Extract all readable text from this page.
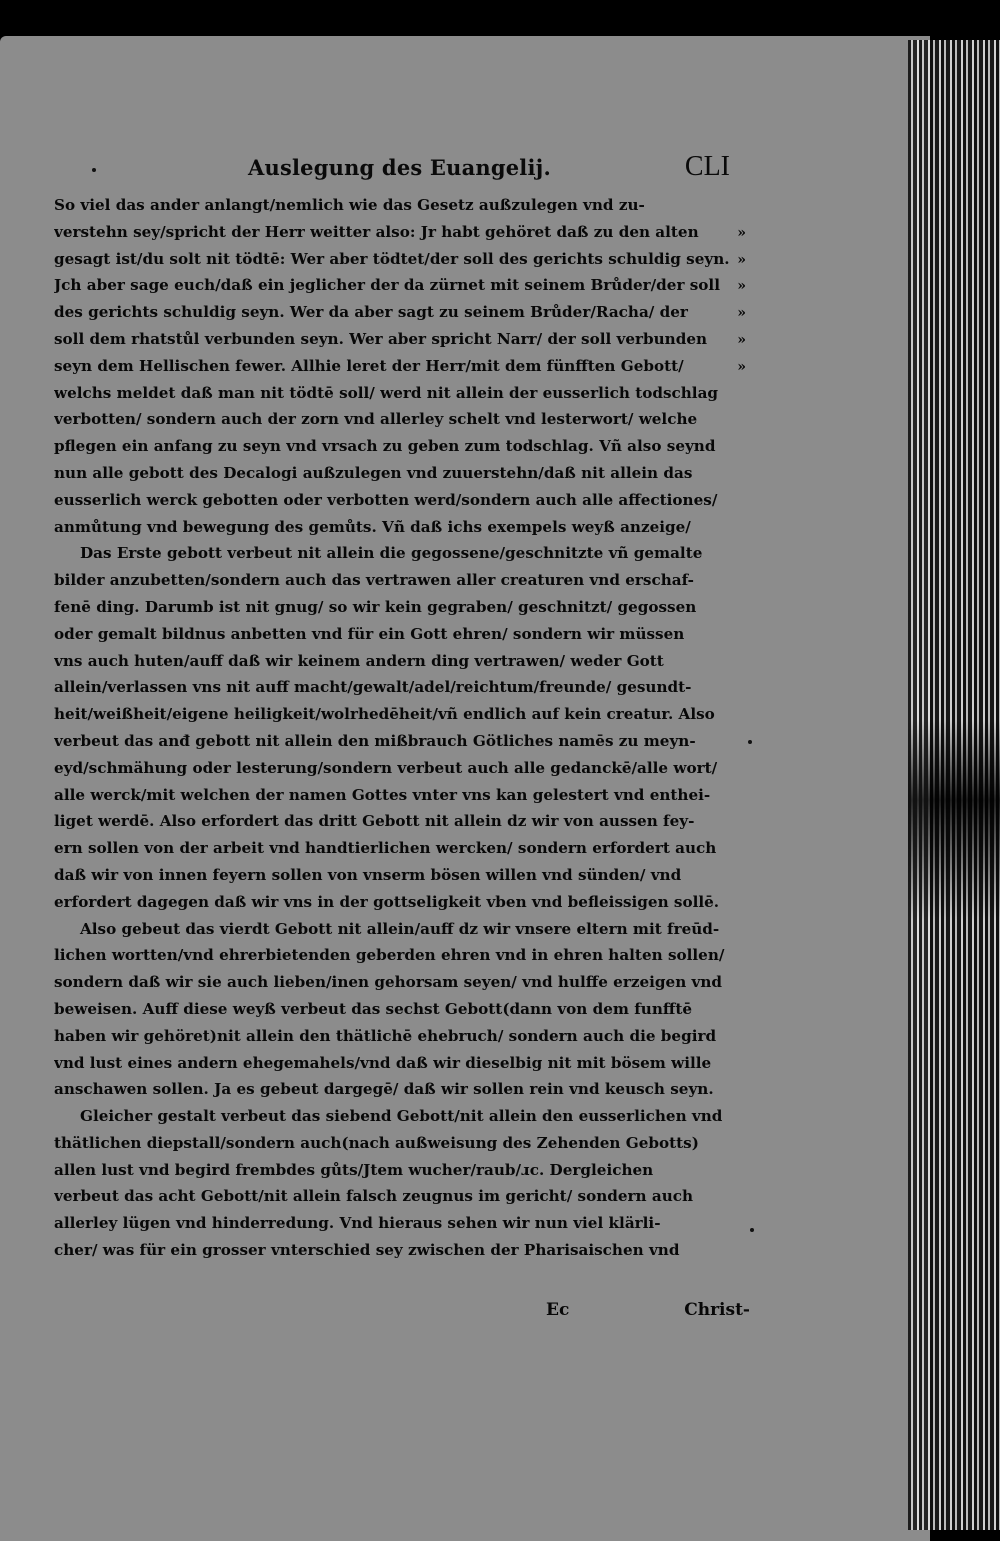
Auslegung des Euangelij.	CLI
So viel das ander anlangt/nemlich wie das Gesetz außzulegen vnd zu-
verstehn sey/spricht der Herr weitter also: Jr habt gehöret daß zu den alten	»
gesagt ist/du solt nit tödtē: Wer aber tödtet/der soll des gerichts schuldig seyn. »
Jch aber sage euch/daß ein jeglicher der da zürnet mit seinem Brůder/der soll	»
des gerichts schuldig seyn. Wer da aber sagt zu seinem Brůder/Racha/ der	»
soll dem rhatstůl verbunden seyn. Wer aber spricht Narr/ der soll verbunden	»
seyn dem Hellischen fewer. Allhie leret der Herr/mit dem fünfften Gebott/	»
welchs meldet daß man nit tödtē soll/ werd nit allein der eusserlich todschlag
verbotten/ sondern auch der zorn vnd allerley schelt vnd lesterwort/ welche
pflegen ein anfang zu seyn vnd vrsach zu geben zum todschlag. Vñ also seynd
nun alle gebott des Decalogi außzulegen vnd zuuerstehn/daß nit allein das
eusserlich werck gebotten oder verbotten werd/sondern auch alle affectiones/
anmůtung vnd bewegung des gemůts. Vñ daß ichs exempels weyß anzeige/
Das Erste gebott verbeut nit allein die gegossene/geschnitzte vñ gemalte
bilder anzubetten/sondern auch das vertrawen aller creaturen vnd erschaf-
fenē ding. Darumb ist nit gnug/ so wir kein gegraben/ geschnitzt/ gegossen
oder gemalt bildnus anbetten vnd für ein Gott ehren/ sondern wir müssen
vns auch huten/auff daß wir keinem andern ding vertrawen/ weder Gott
allein/verlassen vns nit auff macht/gewalt/adel/reichtum/freunde/ gesundt-
heit/weißheit/eigene heiligkeit/wolrhedēheit/vñ endlich auf kein creatur. Also
verbeut das anđ gebott nit allein den mißbrauch Götliches namēs zu meyn-
eyd/schmähung oder lesterung/sondern verbeut auch alle gedanckē/alle wort/
alle werck/mit welchen der namen Gottes vnter vns kan gelestert vnd enthei-
liget werdē. Also erfordert das dritt Gebott nit allein dz wir von aussen fey-
ern sollen von der arbeit vnd handtierlichen wercken/ sondern erfordert auch
daß wir von innen feyern sollen von vnserm bösen willen vnd sünden/ vnd
erfordert dagegen daß wir vns in der gottseligkeit vben vnd befleissigen sollē.
Also gebeut das vierdt Gebott nit allein/auff dz wir vnsere eltern mit freūd-
lichen wortten/vnd ehrerbietenden geberden ehren vnd in ehren halten sollen/
sondern daß wir sie auch lieben/inen gehorsam seyen/ vnd hulffe erzeigen vnd
beweisen. Auff diese weyß verbeut das sechst Gebott(dann von dem funfftē
haben wir gehöret)nit allein den thätlichē ehebruch/ sondern auch die begird
vnd lust eines andern ehegemahels/vnd daß wir dieselbig nit mit bösem wille
anschawen sollen. Ja es gebeut dargegē/ daß wir sollen rein vnd keusch seyn.
Gleicher gestalt verbeut das siebend Gebott/nit allein den eusserlichen vnd
thätlichen diepstall/sondern auch(nach außweisung des Zehenden Gebotts)
allen lust vnd begird frembdes gůts/Jtem wucher/raub/ɹc. Dergleichen
verbeut das acht Gebott/nit allein falsch zeugnus im gericht/ sondern auch
allerley lügen vnd hinderredung. Vnd hieraus sehen wir nun viel klärli-
cher/ was für ein grosser vnterschied sey zwischen der Pharisaischen vnd
Ec	Christ-
